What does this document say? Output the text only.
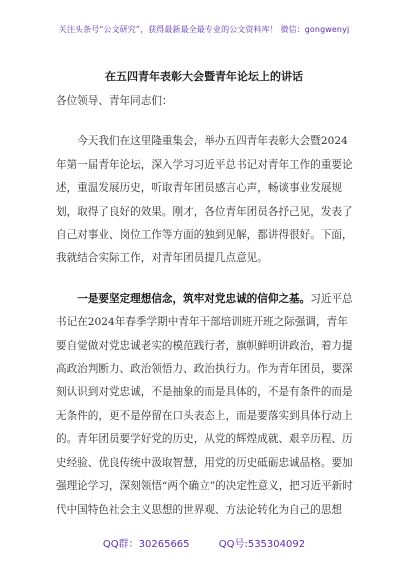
关注头条号“公文研究”，获得最新最全最专业的公文资料库！ 微信：gongwenyj
在五四青年表彰大会暨青年论坛上的讲话

各位领导、青年同志们：

今天我们在这里隆重集会，举办五四青年表彰大会暨2024年第一届青年论坛，深入学习习近平总书记对青年工作的重要论述，重温发展历史，听取青年团员感言心声，畅谈事业发展规划，取得了良好的效果。刚才，各位青年团员各抒己见，发表了自己对事业、岗位工作等方面的独到见解，都讲得很好。下面，我就结合实际工作，对青年团员提几点意见。

一是要坚定理想信念，筑牢对党忠诚的信仰之基。习近平总书记在2024年春季学期中青年干部培训班开班之际强调，青年要自觉做对党忠诚老实的模范践行者，旗帜鲜明讲政治，着力提高政治判断力、政治领悟力、政治执行力。作为青年团员，要深刻认识到对党忠诚，不是抽象的而是具体的，不是有条件的而是无条件的，更不是停留在口头表态上，而是要落实到具体行动上的。青年团员要学好党的历史，从党的辉煌成就、艰辛历程、历史经验、优良传统中汲取智慧，用党的历史砥砺忠诚品格。要加强理论学习，深刻领悟“两个确立”的决定性意义，把习近平新时代中国特色社会主义思想的世界观、方法论转化为自己的思想

QQ群：30265665	QQ号:535304092
